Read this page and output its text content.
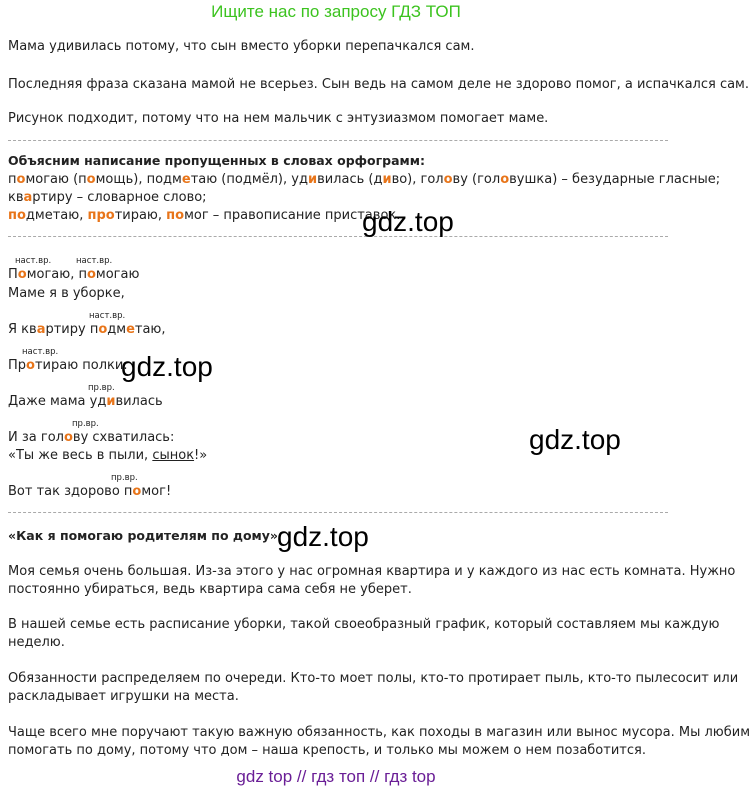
Ищите нас по запросу ГДЗ ТОП
Мама удивилась потому, что сын вместо уборки перепачкался сам.
Последняя фраза сказана мамой не всерьез. Сын ведь на самом деле не здорово помог, а испачкался сам.
Рисунок подходит, потому что на нем мальчик с энтузиазмом помогает маме.
Объясним написание пропущенных в словах орфограмм:
помогаю (помощь), подметаю (подмёл), удивилась (диво), голову (головушка) – безударные гласные;
квартиру – словарное слово;
подметаю, протираю, помог – правописание приставок.
наст.вр.	наст.вр.
Помогаю, помогаю
Маме я в уборке,
наст.вр.
Я квартиру подметаю,
наст.вр.
Протираю полки.
пр.вр.
Даже мама удивилась
пр.вр.
И за голову схватилась:
«Ты же весь в пыли, сынок!»
пр.вр.
Вот так здорово помог!
«Как я помогаю родителям по дому»
Моя семья очень большая. Из-за этого у нас огромная квартира и у каждого из нас есть комната. Нужно
постоянно убираться, ведь квартира сама себя не уберет.
В нашей семье есть расписание уборки, такой своеобразный график, который составляем мы каждую
неделю.
Обязанности распределяем по очереди. Кто-то моет полы, кто-то протирает пыль, кто-то пылесосит или
раскладывает игрушки на места.
Чаще всего мне поручают такую важную обязанность, как походы в магазин или вынос мусора. Мы любим
помогать по дому, потому что дом – наша крепость, и только мы можем о нем позаботится.
gdz.top
gdz.top
gdz.top
gdz.top
gdz top // гдз топ // гдз top
